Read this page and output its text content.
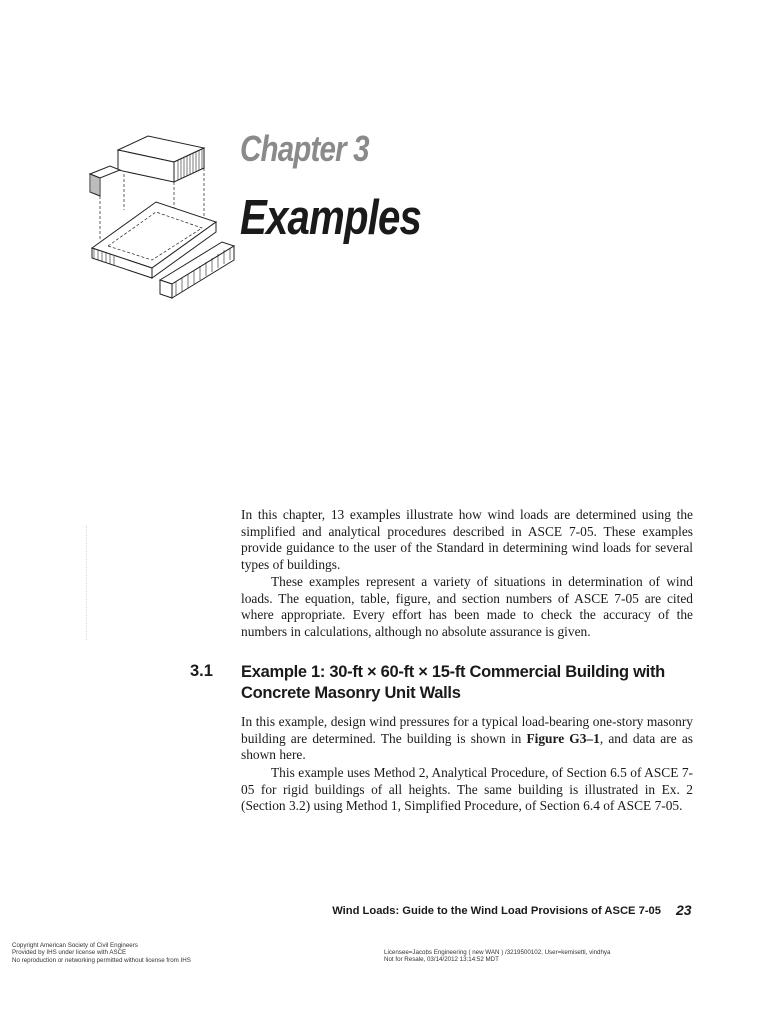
Chapter 3
Examples

In this chapter, 13 examples illustrate how wind loads are determined using the simplified and analytical procedures described in ASCE 7-05. These examples provide guidance to the user of the Standard in determining wind loads for several types of buildings.

These examples represent a variety of situations in determination of wind loads. The equation, table, figure, and section numbers of ASCE 7-05 are cited where appropriate. Every effort has been made to check the accuracy of the numbers in calculations, although no absolute assurance is given.

3.1 Example 1: 30-ft × 60-ft × 15-ft Commercial Building with Concrete Masonry Unit Walls

In this example, design wind pressures for a typical load-bearing one-story masonry building are determined. The building is shown in Figure G3–1, and data are as shown here.

This example uses Method 2, Analytical Procedure, of Section 6.5 of ASCE 7-05 for rigid buildings of all heights. The same building is illustrated in Ex. 2 (Section 3.2) using Method 1, Simplified Procedure, of Section 6.4 of ASCE 7-05.

Wind Loads: Guide to the Wind Load Provisions of ASCE 7-05 23
Copyright American Society of Civil Engineers
Provided by IHS under license with ASCE
No reproduction or networking permitted without license from IHS
Licensee=Jacobs Engineering ( new WAN ) /3219500102, User=kemisetti, vindhya
Not for Resale, 03/14/2012 13:14:52 MDT
